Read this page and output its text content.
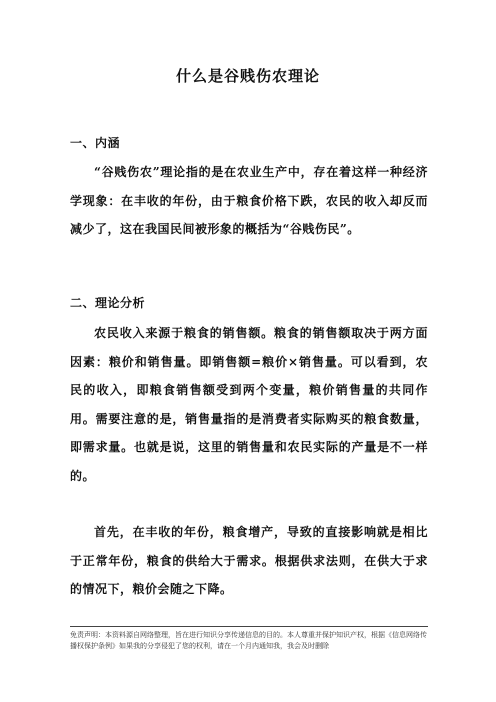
什么是谷贱伤农理论
一、内涵

“谷贱伤农”理论指的是在农业生产中，存在着这样一种经济学现象：在丰收的年份，由于粮食价格下跌，农民的收入却反而减少了，这在我国民间被形象的概括为“谷贱伤民”。

二、理论分析

农民收入来源于粮食的销售额。粮食的销售额取决于两方面因素：粮价和销售量。即销售额=粮价×销售量。可以看到，农民的收入，即粮食销售额受到两个变量，粮价销售量的共同作用。需要注意的是，销售量指的是消费者实际购买的粮食数量，即需求量。也就是说，这里的销售量和农民实际的产量是不一样的。

首先，在丰收的年份，粮食增产，导致的直接影响就是相比于正常年份，粮食的供给大于需求。根据供求法则，在供大于求的情况下，粮价会随之下降。

免责声明：本资料源自网络整理，旨在进行知识分享传递信息的目的。本人尊重并保护知识产权，根据《信息网络传播权保护条例》如果我的分享侵犯了您的权利，请在一个月内通知我，我会及时删除
